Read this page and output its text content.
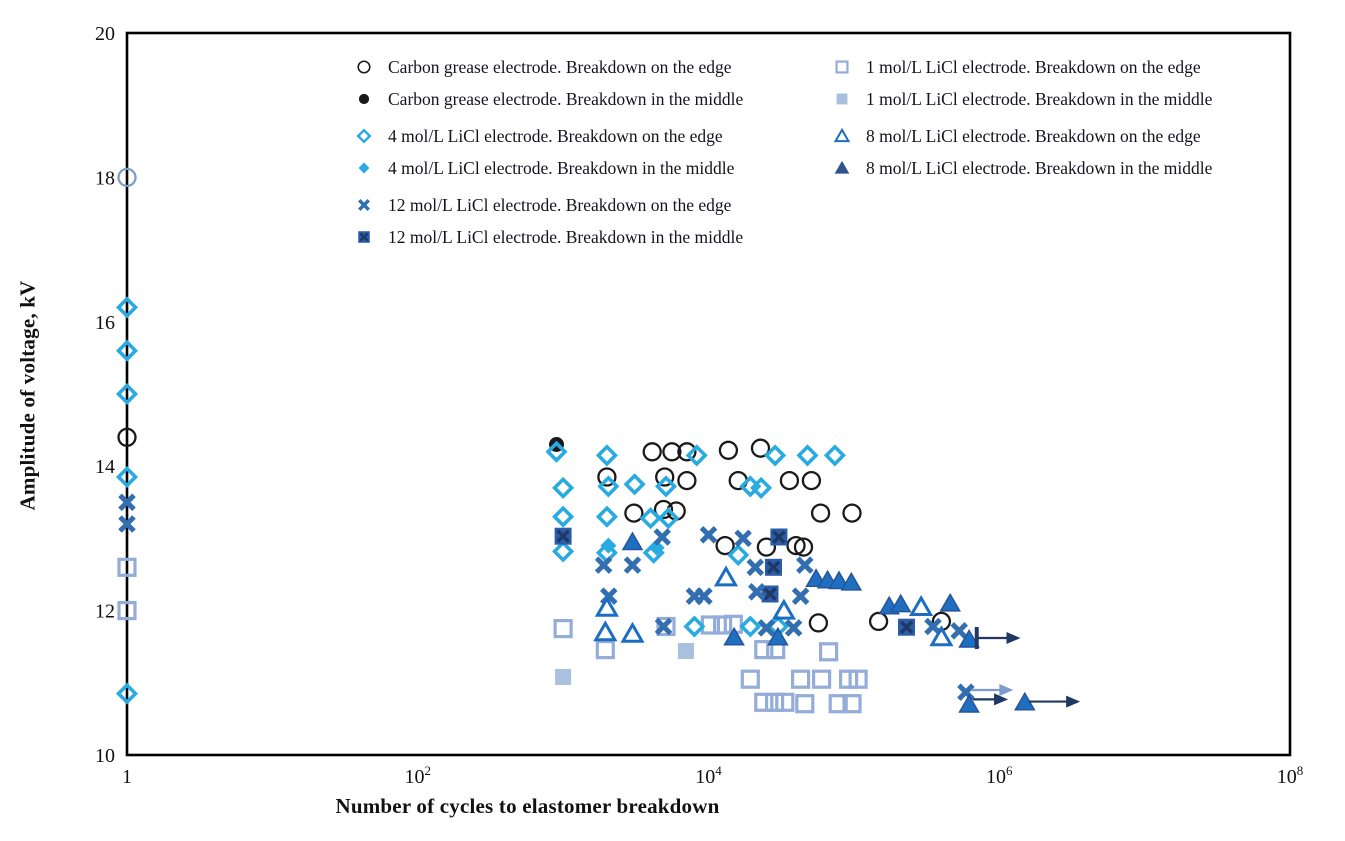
1	$10^2$	$10^4$	$10^6$	$10^8$
10
12
14
16
18
20
Number of cycles to elastomer breakdown
Amplitude of voltage, kV
Carbon grease electrode. Breakdown on the edge
Carbon grease electrode. Breakdown in the middle
4 mol/L LiCl electrode. Breakdown on the edge
4 mol/L LiCl electrode. Breakdown in the middle
12 mol/L LiCl electrode. Breakdown on the edge
12 mol/L LiCl electrode. Breakdown in the middle
1 mol/L LiCl electrode. Breakdown on the edge
1 mol/L LiCl electrode. Breakdown in the middle
8 mol/L LiCl electrode. Breakdown on the edge
8 mol/L LiCl electrode. Breakdown in the middle
